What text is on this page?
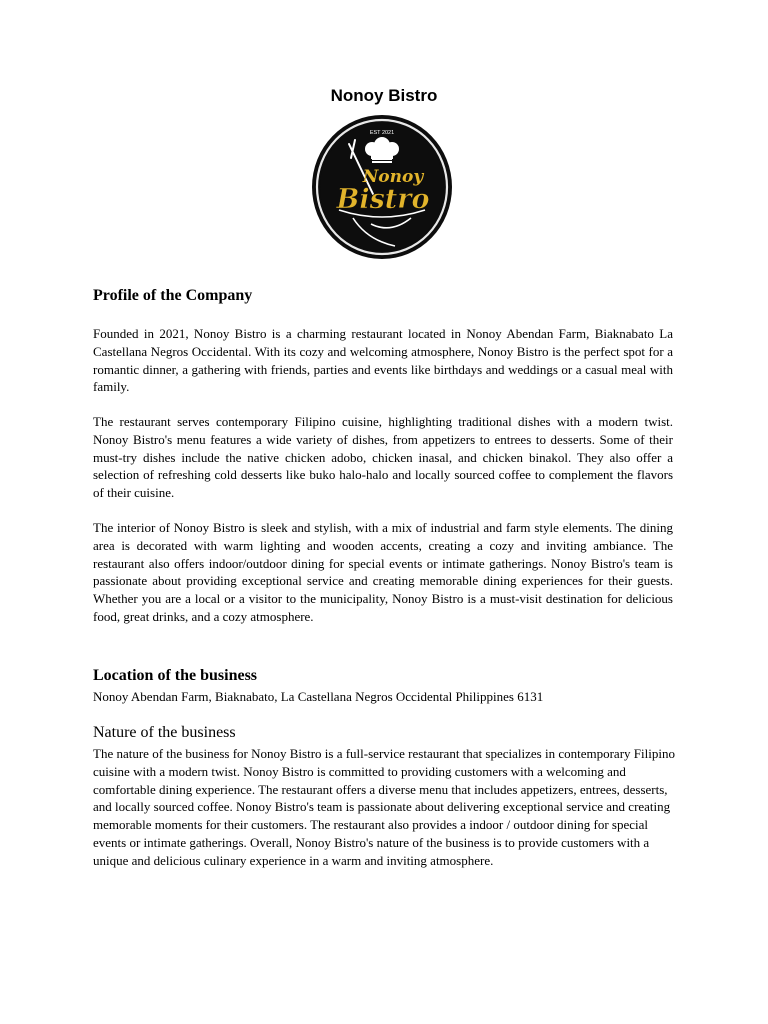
Nonoy Bistro
EST 2021
Nonoy
Bistro
Profile of the Company

Founded in 2021, Nonoy Bistro is a charming restaurant located in Nonoy Abendan Farm, Biaknabato La Castellana Negros Occidental. With its cozy and welcoming atmosphere, Nonoy Bistro is the perfect spot for a romantic dinner, a gathering with friends, parties and events like birthdays and weddings or a casual meal with family.

The restaurant serves contemporary Filipino cuisine, highlighting traditional dishes with a modern twist. Nonoy Bistro's menu features a wide variety of dishes, from appetizers to entrees to desserts. Some of their must-try dishes include the native chicken adobo, chicken inasal, and chicken binakol. They also offer a selection of refreshing cold desserts like buko halo-halo and locally sourced coffee to complement the flavors of their cuisine.

The interior of Nonoy Bistro is sleek and stylish, with a mix of industrial and farm style elements. The dining area is decorated with warm lighting and wooden accents, creating a cozy and inviting ambiance. The restaurant also offers indoor/outdoor dining for special events or intimate gatherings. Nonoy Bistro's team is passionate about providing exceptional service and creating memorable dining experiences for their guests. Whether you are a local or a visitor to the municipality, Nonoy Bistro is a must-visit destination for delicious food, great drinks, and a cozy atmosphere.

Location of the business

Nonoy Abendan Farm, Biaknabato, La Castellana Negros Occidental Philippines 6131

Nature of the business

The nature of the business for Nonoy Bistro is a full-service restaurant that specializes in contemporary Filipino cuisine with a modern twist. Nonoy Bistro is committed to providing customers with a welcoming and comfortable dining experience. The restaurant offers a diverse menu that includes appetizers, entrees, desserts, and locally sourced coffee. Nonoy Bistro's team is passionate about delivering exceptional service and creating memorable moments for their customers. The restaurant also provides a indoor / outdoor dining for special events or intimate gatherings. Overall, Nonoy Bistro's nature of the business is to provide customers with a unique and delicious culinary experience in a warm and inviting atmosphere.
